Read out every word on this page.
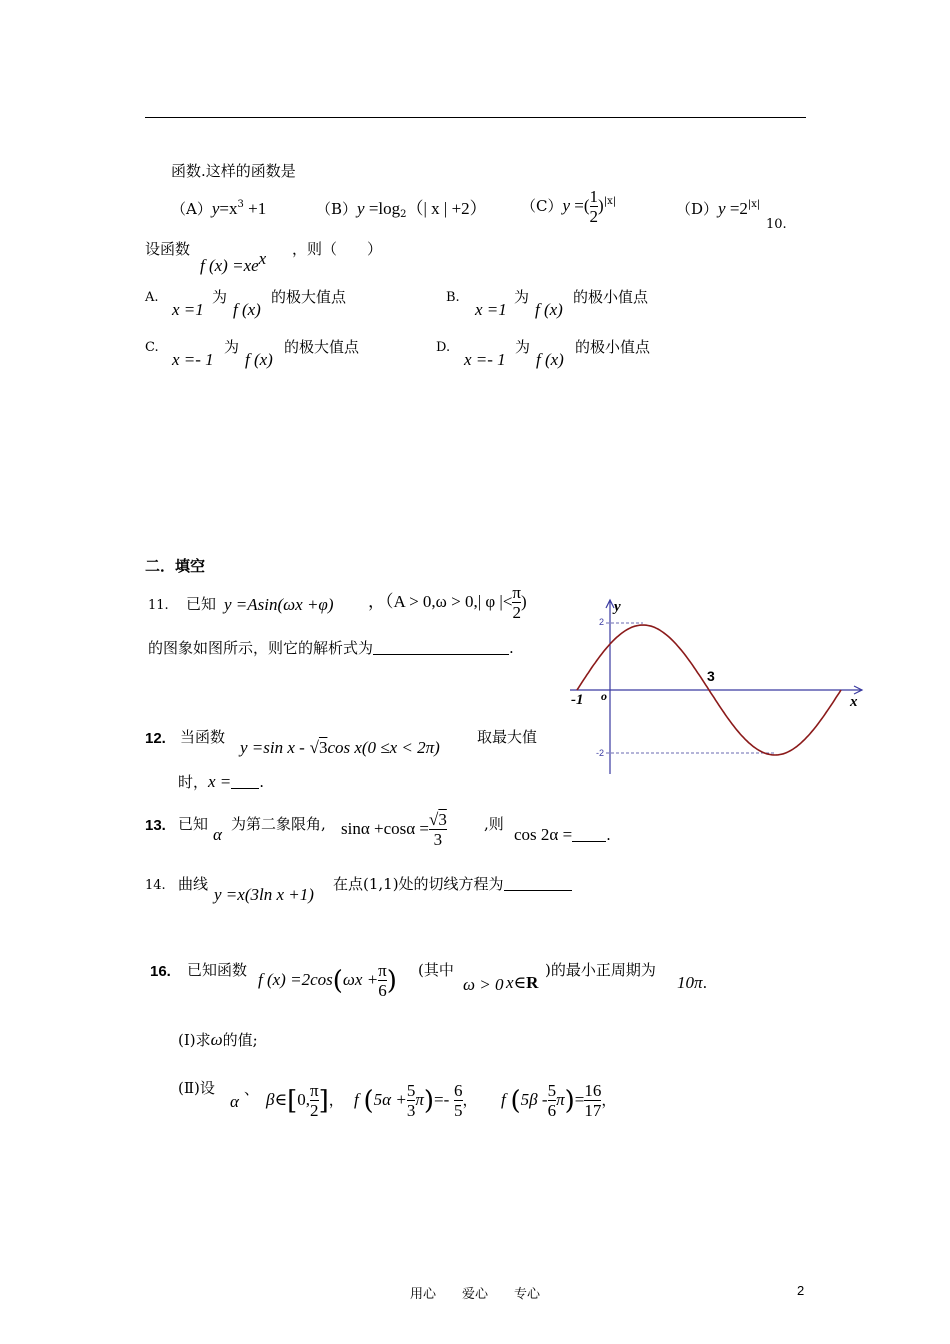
函数.这样的函数是
$(A)y=x^3 +1$	$(B)y =\log_2(|$ x | +2） （C）y =( $\frac{1}{2} )^{|x|}$	$(D)y =2^{|x|}$
10.
设函数
f $(x) =xe^x$ ，则（　　）
A.
x =1
为
f (x)
的极大值点	B.
x =1
为
f (x)
的极小值点
C.
x =- 1
为
f (x)
的极大值点	D.
x =- 1
为
f (x)
的极小值点
二．填空
11. 已知 y =Asin(ωx +φ) ，（A > 0,ω > 0,| φ |< $\frac{\pi}{2}$ )
的图象如图所示，则它的解析式为	.
y
x
2
-2
3
-1 o
12. 当函数
y =sin x - √3cos x(0 ≤x < 2π)
取最大值
时，x = .
13. 已知
α
为第二象限角, $\sin\alpha +\cos\alpha = \frac{√3}{3}$ ,则
cos 2α = .
14. 曲线
y =x(3ln x +1)
在点(1,1)处的切线方程为
16. 已知函数 f $(x) =2\cos(\omega x + \frac{\pi}{6}$ ) (其中
ω > 0 x∈R
)的最小正周期为
10π.
(Ⅰ)求ω的值;
(Ⅱ)设
α
、
β∈[0, $\frac{\pi}{2}$ ]， f $(5\alpha + \frac{5}{3} \pi)=- \frac{6}{5}$ ， f $(5\beta - \frac{5}{6} \pi)= \frac{16}{17}$ ，
用心　　爱心　　专心	2
